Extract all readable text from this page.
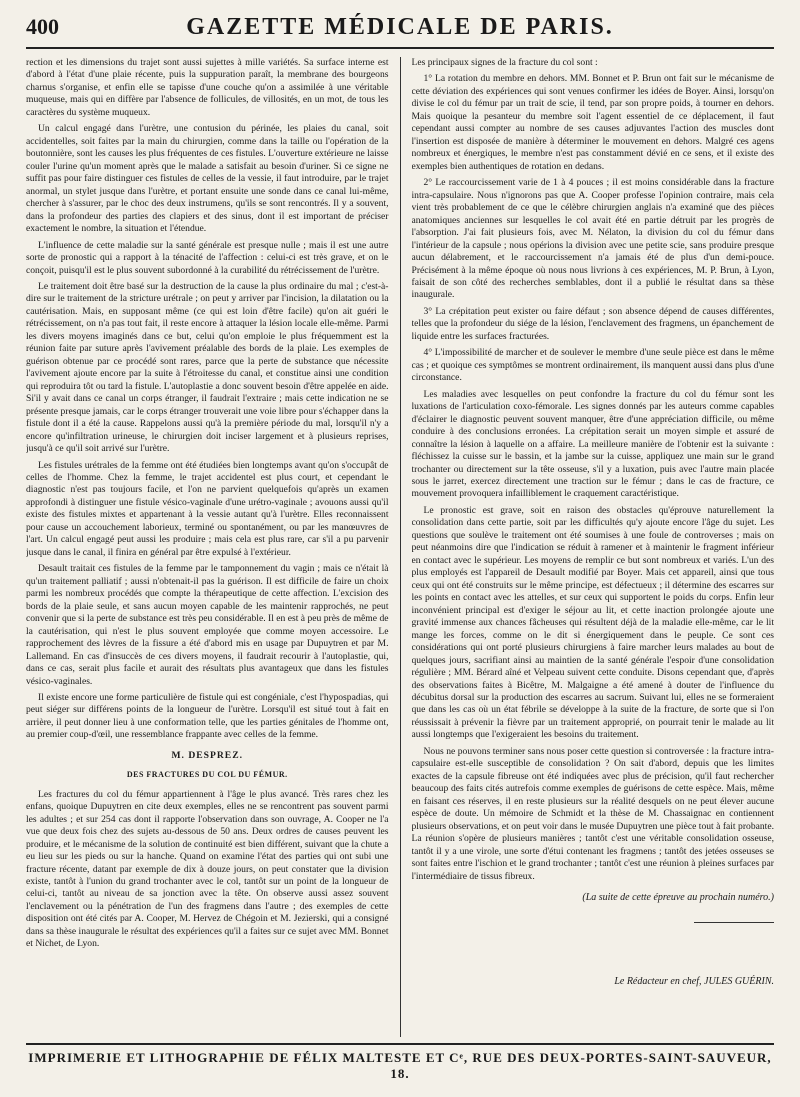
400	GAZETTE MÉDICALE DE PARIS.

rection et les dimensions du trajet sont aussi sujettes à mille variétés. Sa surface interne est d'abord à l'état d'une plaie récente, puis la suppuration paraît, la membrane des bourgeons charnus s'organise, et enfin elle se tapisse d'une couche qu'on a assimilée à une véritable muqueuse, mais qui en diffère par l'absence de follicules, de villosités, en un mot, de tous les caractères du système muqueux.

Un calcul engagé dans l'urètre, une contusion du périnée, les plaies du canal, soit accidentelles, soit faites par la main du chirurgien, comme dans la taille ou l'opération de la boutonnière, sont les causes les plus fréquentes de ces fistules. L'ouverture extérieure ne laisse couler l'urine qu'un moment après que le malade a satisfait au besoin d'uriner. Si ce signe ne suffit pas pour faire distinguer ces fistules de celles de la vessie, il faut introduire, par le trajet anormal, un stylet jusque dans l'urètre, et portant ensuite une sonde dans ce canal lui-même, chercher à s'assurer, par le choc des deux instrumens, qu'ils se sont rencontrés. Il y a souvent, dans la profondeur des parties des clapiers et des sinus, dont il est important de préciser exactement le nombre, la situation et l'étendue.

L'influence de cette maladie sur la santé générale est presque nulle ; mais il est une autre sorte de pronostic qui a rapport à la ténacité de l'affection : celui-ci est très grave, et on le conçoit, puisqu'il est le plus souvent subordonné à la curabilité du rétrécissement de l'urètre.

Le traitement doit être basé sur la destruction de la cause la plus ordinaire du mal ; c'est-à-dire sur le traitement de la stricture urétrale ; on peut y arriver par l'incision, la dilatation ou la cautérisation. Mais, en supposant même (ce qui est loin d'être facile) qu'on ait guéri le rétrécissement, on n'a pas tout fait, il reste encore à attaquer la lésion locale elle-même. Parmi les divers moyens imaginés dans ce but, celui qu'on emploie le plus fréquemment est la réunion faite par suture après l'avivement préalable des bords de la plaie. Les exemples de guérison obtenue par ce procédé sont rares, parce que la perte de substance que nécessite l'avivement ajoute encore par la suite à l'étroitesse du canal, et constitue ainsi une condition qui reproduira tôt ou tard la fistule. L'autoplastie a donc souvent besoin d'être appelée en aide. Si'il y avait dans ce canal un corps étranger, il faudrait l'extraire ; mais cette indication ne se présente presque jamais, car le corps étranger trouverait une voie libre pour s'échapper dans la fistule dont il a été la cause. Rappelons aussi qu'à la première période du mal, lorsqu'il n'y a encore qu'infiltration urineuse, le chirurgien doit inciser largement et à plusieurs reprises, jusqu'à ce qu'il soit arrivé sur l'urètre.

Les fistules urétrales de la femme ont été étudiées bien longtemps avant qu'on s'occupât de celles de l'homme. Chez la femme, le trajet accidentel est plus court, et cependant le diagnostic n'est pas toujours facile, et l'on ne parvient quelquefois qu'après un examen approfondi à distinguer une fistule vésico-vaginale d'une urétro-vaginale ; avouons aussi qu'il existe des fistules mixtes et appartenant à la vessie autant qu'à l'urètre. Elles reconnaissent pour cause un accouchement laborieux, terminé ou spontanément, ou par les manœuvres de l'art. Un calcul engagé peut aussi les produire ; mais cela est plus rare, car s'il a pu parvenir jusque dans le canal, il finira en général par être expulsé à l'extérieur.

Desault traitait ces fistules de la femme par le tamponnement du vagin ; mais ce n'était là qu'un traitement palliatif ; aussi n'obtenait-il pas la guérison. Il est difficile de faire un choix parmi les nombreux procédés que compte la thérapeutique de cette affection. L'excision des bords de la plaie seule, et sans aucun moyen capable de les maintenir rapprochés, ne peut convenir que si la perte de substance est très peu considérable. Il en est à peu près de même de la cautérisation, qui n'est le plus souvent employée que comme moyen accessoire. Le rapprochement des lèvres de la fissure a été d'abord mis en usage par Dupuytren et par M. Lallemand. En cas d'insuccès de ces divers moyens, il faudrait recourir à l'autoplastie, qui, dans ce cas, serait plus facile et aurait des résultats plus avantageux que dans les fistules vésico-vaginales.

Il existe encore une forme particulière de fistule qui est congéniale, c'est l'hypospadias, qui peut siéger sur différens points de la longueur de l'urètre. Lorsqu'il est situé tout à fait en arrière, il peut donner lieu à une conformation telle, que les parties génitales de l'homme ont, au premier coup-d'œil, une ressemblance frappante avec celles de la femme.

M. DESPREZ.
DES FRACTURES DU COL DU FÉMUR.

Les fractures du col du fémur appartiennent à l'âge le plus avancé. Très rares chez les enfans, quoique Dupuytren en cite deux exemples, elles ne se rencontrent pas souvent parmi les adultes ; et sur 254 cas dont il rapporte l'observation dans son ouvrage, A. Cooper ne l'a vue que deux fois chez des sujets au-dessous de 50 ans. Deux ordres de causes peuvent les produire, et le mécanisme de la solution de continuité est bien différent, suivant que la chute a eu lieu sur les pieds ou sur la hanche. Quand on examine l'état des parties qui ont subi une fracture récente, datant par exemple de dix à douze jours, on peut constater que la division existe, tantôt à l'union du grand trochanter avec le col, tantôt sur un point de la longueur de celui-ci, tantôt au niveau de sa jonction avec la tête. On observe aussi assez souvent l'enclavement ou la pénétration de l'un des fragmens dans l'autre ; des exemples de cette disposition ont été cités par A. Cooper, M. Hervez de Chégoin et M. Jezierski, qui a consigné dans sa thèse inaugurale le résultat des expériences qu'il a faites sur ce sujet avec MM. Bonnet et Nichet, de Lyon.

Les principaux signes de la fracture du col sont :

1° La rotation du membre en dehors. MM. Bonnet et P. Brun ont fait sur le mécanisme de cette déviation des expériences qui sont venues confirmer les idées de Boyer. Ainsi, lorsqu'on divise le col du fémur par un trait de scie, il tend, par son propre poids, à tourner en dehors. Mais quoique la pesanteur du membre soit l'agent essentiel de ce déplacement, il faut cependant aussi compter au nombre de ses causes adjuvantes l'action des muscles dont l'insertion est disposée de manière à déterminer le mouvement en dehors. Malgré ces agens nombreux et énergiques, le membre n'est pas constamment dévié en ce sens, et il existe des exemples bien authentiques de rotation en dedans.

2° Le raccourcissement varie de 1 à 4 pouces ; il est moins considérable dans la fracture intra-capsulaire. Nous n'ignorons pas que A. Cooper professe l'opinion contraire, mais cela vient très probablement de ce que le célèbre chirurgien anglais n'a examiné que des pièces anatomiques anciennes sur lesquelles le col avait été en partie détruit par les progrès de l'absorption. J'ai fait plusieurs fois, avec M. Nélaton, la division du col du fémur dans l'intérieur de la capsule ; nous opérions la division avec une petite scie, sans produire presque aucun délabrement, et le raccourcissement n'a jamais été de plus d'un demi-pouce. Précisément à la même époque où nous nous livrions à ces expériences, M. P. Brun, à Lyon, faisait de son côté des recherches semblables, dont il a publié le résultat dans sa thèse inaugurale.

3° La crépitation peut exister ou faire défaut ; son absence dépend de causes différentes, telles que la profondeur du siége de la lésion, l'enclavement des fragmens, un épanchement de liquide entre les surfaces fracturées.

4° L'impossibilité de marcher et de soulever le membre d'une seule pièce est dans le même cas ; et quoique ces symptômes se montrent ordinairement, ils manquent aussi dans plus d'une circonstance.

Les maladies avec lesquelles on peut confondre la fracture du col du fémur sont les luxations de l'articulation coxo-fémorale. Les signes donnés par les auteurs comme capables d'éclairer le diagnostic peuvent souvent manquer, être d'une appréciation difficile, ou même conduire à des conclusions erronées. La crépitation serait un moyen simple et assuré de connaître la lésion à laquelle on a affaire. La meilleure manière de l'obtenir est la suivante : fléchissez la cuisse sur le bassin, et la jambe sur la cuisse, appliquez une main sur le grand trochanter ou directement sur la tête osseuse, s'il y a luxation, puis avec l'autre main placée sous le jarret, exercez directement une traction sur le fémur ; dans le cas de fracture, ce mouvement provoquera infailliblement le craquement caractéristique.

Le pronostic est grave, soit en raison des obstacles qu'éprouve naturellement la consolidation dans cette partie, soit par les difficultés qu'y ajoute encore l'âge du sujet. Les questions que soulève le traitement ont été soumises à une foule de controverses ; mais on peut néanmoins dire que l'indication se réduit à ramener et à maintenir le fragment inférieur en contact avec le supérieur. Les moyens de remplir ce but sont nombreux et variés. L'un des plus employés est l'appareil de Desault modifié par Boyer. Mais cet appareil, ainsi que tous ceux qui ont été construits sur le même principe, est défectueux ; il détermine des escarres sur les points en contact avec les attelles, et sur ceux qui supportent le poids du corps. Enfin leur inconvénient principal est d'exiger le séjour au lit, et cette inaction prolongée ajoute une gravité immense aux chances fâcheuses qui résultent déjà de la maladie elle-même, car le lit mange les forces, comme on le dit si énergiquement dans le peuple. Ce sont ces considérations qui ont porté plusieurs chirurgiens à faire marcher leurs malades au bout de quelques jours, sacrifiant ainsi au maintien de la santé générale l'espoir d'une consolidation régulière ; MM. Bérard aîné et Velpeau suivent cette conduite. Disons cependant que, d'après des observations faites à Bicêtre, M. Malgaigne a été amené à douter de l'influence du décubitus dorsal sur la production des escarres au sacrum. Suivant lui, elles ne se formeraient que dans les cas où un état fébrile se développe à la suite de la fracture, de sorte que si l'on réussissait à prévenir la fièvre par un traitement approprié, on pourrait tenir le malade au lit aussi longtemps que l'exigeraient les besoins du traitement.

Nous ne pouvons terminer sans nous poser cette question si controversée : la fracture intra-capsulaire est-elle susceptible de consolidation ? On sait d'abord, depuis que les limites exactes de la capsule fibreuse ont été indiquées avec plus de précision, qu'il faut rechercher beaucoup des faits cités autrefois comme exemples de guérisons de cette espèce. Mais, même en faisant ces réserves, il en reste plusieurs sur la réalité desquels on ne peut élever aucune espèce de doute. Un mémoire de Schmidt et la thèse de M. Chassaignac en contiennent plusieurs observations, et on peut voir dans le musée Dupuytren une pièce tout à fait probante. La réunion s'opère de plusieurs manières ; tantôt c'est une véritable consolidation osseuse, tantôt il y a une virole, une sorte d'étui contenant les fragmens ; tantôt des jetées osseuses se sont faites entre l'ischion et le grand trochanter ; tantôt c'est une réunion à pleines surfaces par l'intermédiaire de tissus fibreux.

(La suite de cette épreuve au prochain numéro.)
Le Rédacteur en chef, JULES GUÉRIN.
IMPRIMERIE ET LITHOGRAPHIE DE FÉLIX MALTESTE ET Cᵉ, RUE DES DEUX-PORTES-SAINT-SAUVEUR, 18.
